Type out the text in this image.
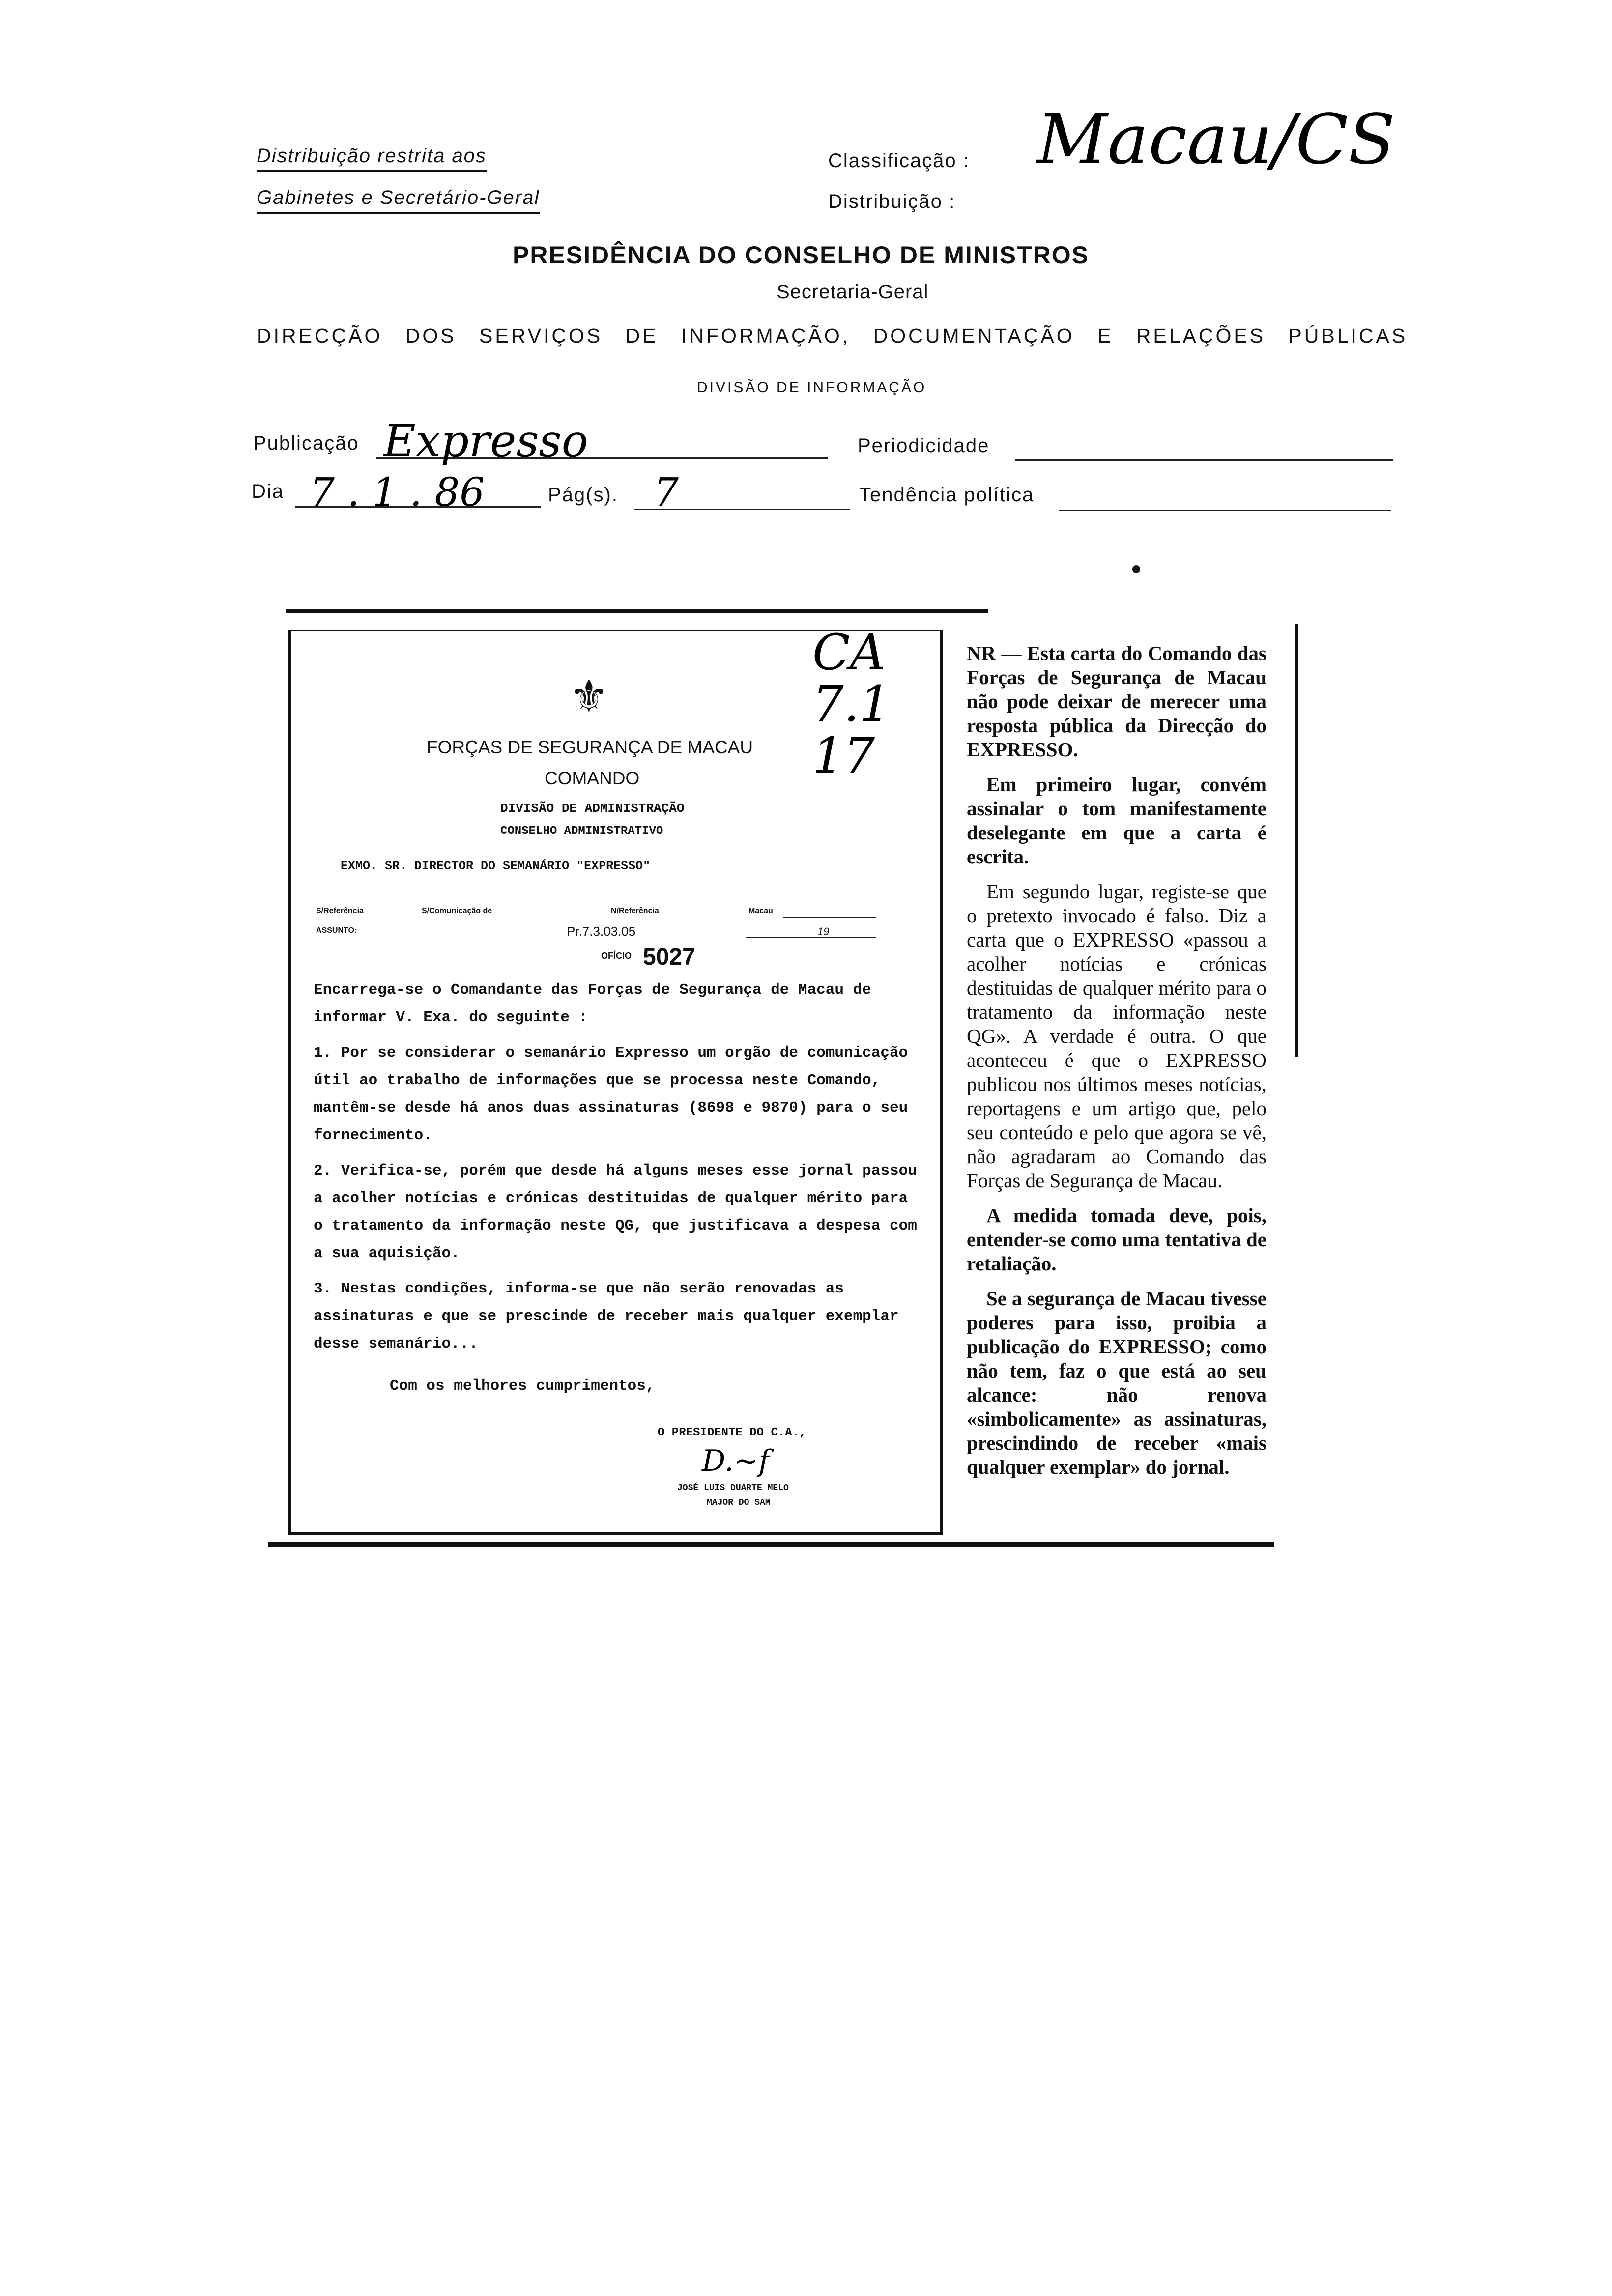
Distribuição restrita aos
Gabinetes e Secretário-Geral
Classificação :
Distribuição :
Macau/CS
PRESIDÊNCIA DO CONSELHO DE MINISTROS
Secretaria-Geral
DIRECÇÃO DOS SERVIÇOS DE INFORMAÇÃO, DOCUMENTAÇÃO E RELAÇÕES PÚBLICAS
DIVISÃO DE INFORMAÇÃO
Publicação Expresso	Periodicidade
Dia 7 . 1 . 86	Pág(s). 7	Tendência política
⚜
CA 7.1 17
FORÇAS DE SEGURANÇA DE MACAU
COMANDO
DIVISÃO DE ADMINISTRAÇÃO
CONSELHO ADMINISTRATIVO
EXMO. SR. DIRECTOR DO SEMANÁRIO "EXPRESSO"
S/Referência	S/Comunicação de	N/Referência	Macau
ASSUNTO:	Pr.7.3.03.05	19
OFÍCIO 5027
Encarrega-se o Comandante das Forças de Segurança de Macau de informar V. Exa. do seguinte :
1. Por se considerar o semanário Expresso um orgão de comunicação útil ao trabalho de informações que se processa neste Comando, mantêm-se desde há anos duas assinaturas (8698 e 9870) para o seu fornecimento.
2. Verifica-se, porém que desde há alguns meses esse jornal passou a acolher notícias e crónicas destituidas de qualquer mérito para o tratamento da informação neste QG, que justificava a despesa com a sua aquisição.
3. Nestas condições, informa-se que não serão renovadas as assinaturas e que se prescinde de receber mais qualquer exemplar desse semanário...
Com os melhores cumprimentos,
O PRESIDENTE DO C.A.,
D.~f
JOSÉ LUIS DUARTE MELO
MAJOR DO SAM

NR — Esta carta do Comando das Forças de Segurança de Macau não pode deixar de merecer uma resposta pública da Direcção do EXPRESSO.

Em primeiro lugar, convém assinalar o tom manifestamente deselegante em que a carta é escrita.

Em segundo lugar, registe-se que o pretexto invocado é falso. Diz a carta que o EXPRESSO «passou a acolher notícias e crónicas destituidas de qualquer mérito para o tratamento da informação neste QG». A verdade é outra. O que aconteceu é que o EXPRESSO publicou nos últimos meses notícias, reportagens e um artigo que, pelo seu conteúdo e pelo que agora se vê, não agradaram ao Comando das Forças de Segurança de Macau.

A medida tomada deve, pois, entender-se como uma tentativa de retaliação.

Se a segurança de Macau tivesse poderes para isso, proibia a publicação do EXPRESSO; como não tem, faz o que está ao seu alcance: não renova «simbolicamente» as assinaturas, prescindindo de receber «mais qualquer exemplar» do jornal.
